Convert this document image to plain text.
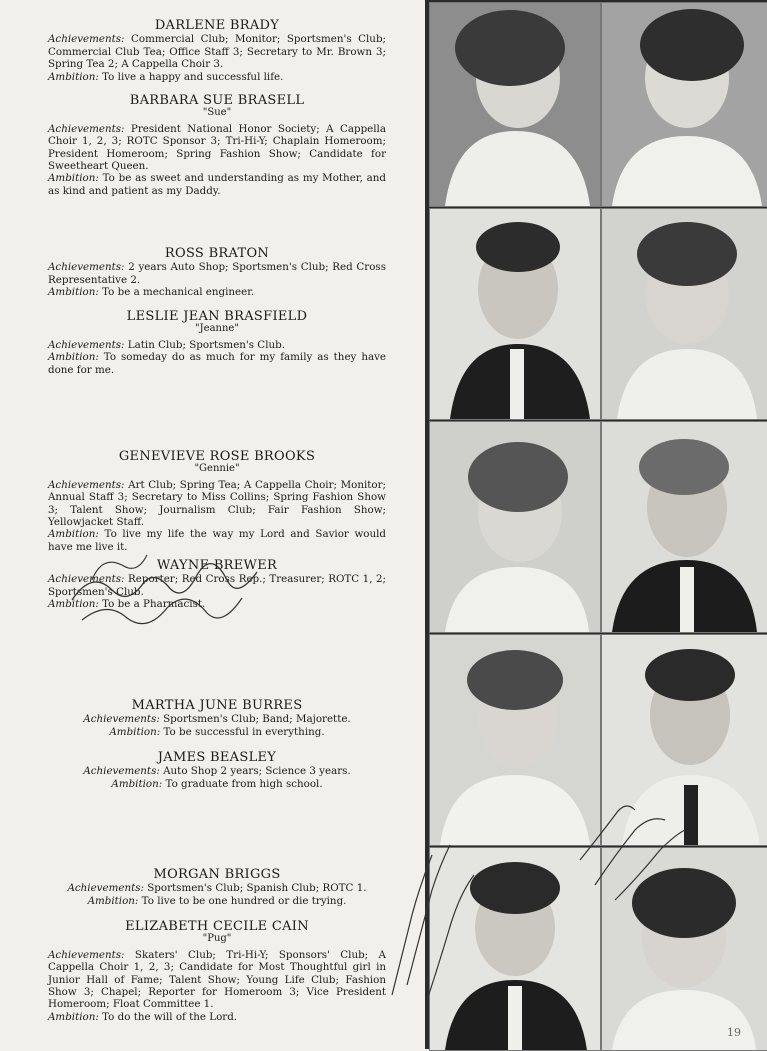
DARLENE BRADY

Achievements: Commercial Club; Monitor; Sportsmen's Club; Commercial Club Tea; Office Staff 3; Secretary to Mr. Brown 3; Spring Tea 2; A Cappella Choir 3.

Ambition: To live a happy and successful life.

BARBARA SUE BRASELL

"Sue"

Achievements: President National Honor Society; A Cappella Choir 1, 2, 3; ROTC Sponsor 3; Tri-Hi-Y; Chaplain Homeroom; President Homeroom; Spring Fashion Show; Candidate for Sweetheart Queen.

Ambition: To be as sweet and understanding as my Mother, and as kind and patient as my Daddy.

ROSS BRATON

Achievements: 2 years Auto Shop; Sportsmen's Club; Red Cross Representative 2.

Ambition: To be a mechanical engineer.

LESLIE JEAN BRASFIELD

"Jeanne"

Achievements: Latin Club; Sportsmen's Club.

Ambition: To someday do as much for my family as they have done for me.

GENEVIEVE ROSE BROOKS

"Gennie"

Achievements: Art Club; Spring Tea; A Cappella Choir; Monitor; Annual Staff 3; Secretary to Miss Collins; Spring Fashion Show 3; Talent Show; Journalism Club; Fair Fashion Show; Yellowjacket Staff.

Ambition: To live my life the way my Lord and Savior would have me live it.

WAYNE BREWER

Achievements: Reporter; Red Cross Rep.; Treasurer; ROTC 1, 2; Sportsmen's Club.

Ambition: To be a Pharmacist.

MARTHA JUNE BURRES

Achievements: Sportsmen's Club; Band; Majorette.

Ambition: To be successful in everything.

JAMES BEASLEY

Achievements: Auto Shop 2 years; Science 3 years.

Ambition: To graduate from high school.

MORGAN BRIGGS

Achievements: Sportsmen's Club; Spanish Club; ROTC 1.

Ambition: To live to be one hundred or die trying.

ELIZABETH CECILE CAIN

"Pug"

Achievements: Skaters' Club; Tri-Hi-Y; Sponsors' Club; A Cappella Choir 1, 2, 3; Candidate for Most Thoughtful girl in Junior Hall of Fame; Talent Show; Young Life Club; Fashion Show 3; Chapel; Reporter for Homeroom 3; Vice President Homeroom; Float Committee 1.

Ambition: To do the will of the Lord.

19
